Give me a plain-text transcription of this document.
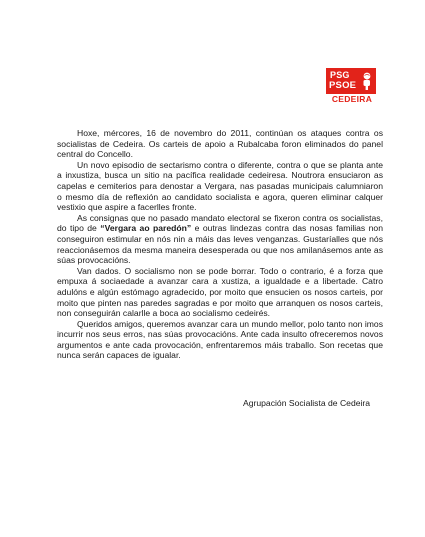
PSG
PSOE
CEDEIRA

Hoxe, mércores, 16 de novembro do 2011, continúan os ataques contra os socialistas de Cedeira. Os carteis de apoio a Rubalcaba foron eliminados do panel central do Concello.

Un novo episodio de sectarismo contra o diferente, contra o que se planta ante a inxustiza, busca un sitio na pacífica realidade cedeiresa. Noutrora ensuciaron as capelas e cemiterios para denostar a Vergara, nas pasadas municipais calumniaron o mesmo día de reflexión ao candidato socialista e agora, queren eliminar calquer vestixio que aspire a facerlles fronte.

As consignas que no pasado mandato electoral se fixeron contra os socialistas, do tipo de “Vergara ao paredón” e outras lindezas contra das nosas familias non conseguiron estimular en nós nin a máis das leves venganzas. Gustaríalles que nós reaccionásemos da mesma maneira desesperada ou que nos amilanásemos ante as súas provocacións.

Van dados. O socialismo non se pode borrar. Todo o contrario, é a forza que empuxa á sociaedade a avanzar cara a xustiza, a igualdade e a libertade. Catro adulóns e algún estómago agradecido, por moito que ensucien os nosos carteis, por moito que pinten nas paredes sagradas e por moito que arranquen os nosos carteis, non conseguirán calarlle a boca ao socialismo cedeirés.

Queridos amigos, queremos avanzar cara un mundo mellor, polo tanto non imos incurrir nos seus erros, nas súas provocacións. Ante cada insulto ofreceremos novos argumentos e ante cada provocación, enfrentaremos máis traballo. Son recetas que nunca serán capaces de igualar.

Agrupación Socialista de Cedeira
